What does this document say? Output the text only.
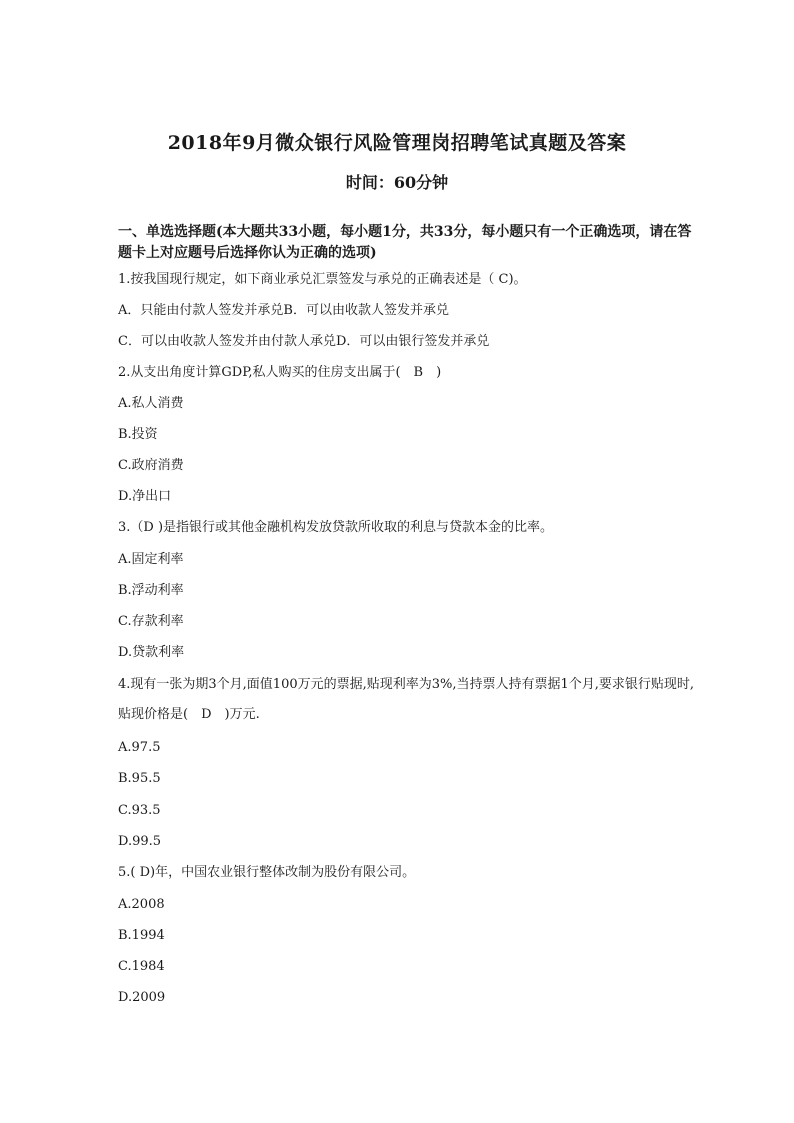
2018年9月微众银行风险管理岗招聘笔试真题及答案
时间：60分钟
一、单选选择题(本大题共33小题，每小题1分，共33分，每小题只有一个正确选项，请在答题卡上对应题号后选择你认为正确的选项)
1.按我国现行规定，如下商业承兑汇票签发与承兑的正确表述是（ C)。
A．只能由付款人签发并承兑B．可以由收款人签发并承兑
C．可以由收款人签发并由付款人承兑D．可以由银行签发并承兑
2.从支出角度计算GDP,私人购买的住房支出属于(　B　)
A.私人消费
B.投资
C.政府消费
D.净出口
3.（D )是指银行或其他金融机构发放贷款所收取的利息与贷款本金的比率。
A.固定利率
B.浮动利率
C.存款利率
D.贷款利率
4.现有一张为期3个月,面值100万元的票据,贴现利率为3%,当持票人持有票据1个月,要求银行贴现时,贴现价格是(　D　)万元.
A.97.5
B.95.5
C.93.5
D.99.5
5.( D)年，中国农业银行整体改制为股份有限公司。
A.2008
B.1994
C.1984
D.2009
